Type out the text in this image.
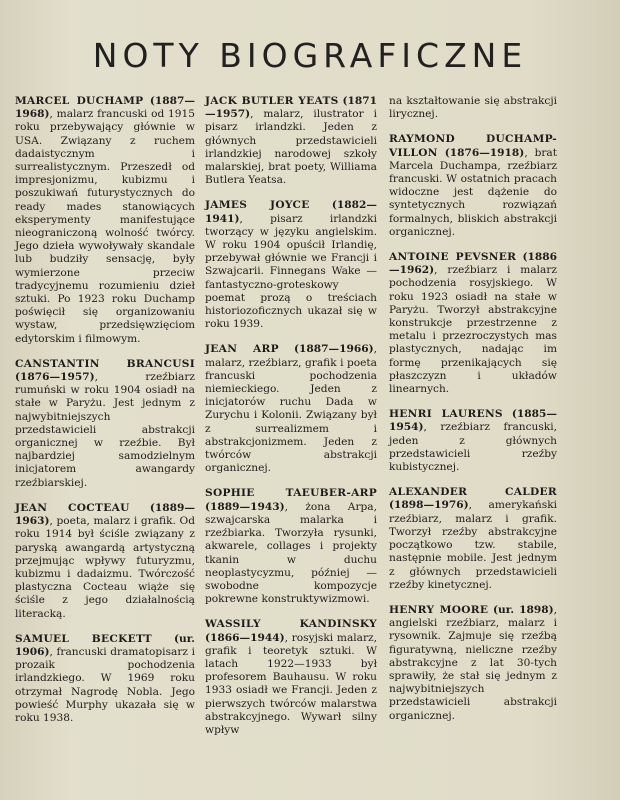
NOTY BIOGRAFICZNE

MARCEL DUCHAMP (1887—1968), malarz francuski od 1915 roku przebywający głównie w USA. Związany z ruchem dadaistycznym i surrealistycznym. Przeszedł od impresjonizmu, kubizmu i poszukiwań futurystycznych do ready mades stanowiących eksperymenty manifestujące nieograniczoną wolność twórcy. Jego dzieła wywoływały skandale lub budziły sensację, były wymierzone przeciw tradycyjnemu rozumieniu dzieł sztuki. Po 1923 roku Duchamp poświęcił się organizowaniu wystaw, przedsięwzięciom edytorskim i filmowym.

CANSTANTIN BRANCUSI (1876—1957), rzeźbiarz rumuński w roku 1904 osiadł na stałe w Paryżu. Jest jednym z najwybitniejszych przedstawicieli abstrakcji organicznej w rzeźbie. Był najbardziej samodzielnym inicjatorem awangardy rzeźbiarskiej.

JEAN COCTEAU (1889—1963), poeta, malarz i grafik. Od roku 1914 był ściśle związany z paryską awangardą artystyczną przejmując wpływy futuryzmu, kubizmu i dadaizmu. Twórczość plastyczna Cocteau wiąże się ściśle z jego działalnością literacką.

SAMUEL BECKETT (ur. 1906), francuski dramatopisarz i prozaik pochodzenia irlandzkiego. W 1969 roku otrzymał Nagrodę Nobla. Jego powieść Murphy ukazała się w roku 1938.

JACK BUTLER YEATS (1871—1957), malarz, ilustrator i pisarz irlandzki. Jeden z głównych przedstawicieli irlandzkiej narodowej szkoły malarskiej, brat poety, Williama Butlera Yeatsa.

JAMES JOYCE (1882—1941), pisarz irlandzki tworzący w języku angielskim. W roku 1904 opuścił Irlandię, przebywał głównie we Francji i Szwajcarii. Finnegans Wake — fantastyczno-groteskowy poemat prozą o treściach historiozoficznych ukazał się w roku 1939.

JEAN ARP (1887—1966), malarz, rzeźbiarz, grafik i poeta francuski pochodzenia niemieckiego. Jeden z inicjatorów ruchu Dada w Zurychu i Kolonii. Związany był z surrealizmem i abstrakcjonizmem. Jeden z twórców abstrakcji organicznej.

SOPHIE TAEUBER-ARP (1889—1943), żona Arpa, szwajcarska malarka i rzeźbiarka. Tworzyła rysunki, akwarele, collages i projekty tkanin w duchu neoplastycyzmu, później — swobodne kompozycje pokrewne konstruktywizmowi.

WASSILY KANDINSKY (1866—1944), rosyjski malarz, grafik i teoretyk sztuki. W latach 1922—1933 był profesorem Bauhausu. W roku 1933 osiadł we Francji. Jeden z pierwszych twórców malarstwa abstrakcyjnego. Wywarł silny wpływ

na kształtowanie się abstrakcji lirycznej.

RAYMOND DUCHAMP-VILLON (1876—1918), brat Marcela Duchampa, rzeźbiarz francuski. W ostatnich pracach widoczne jest dążenie do syntetycznych rozwiązań formalnych, bliskich abstrakcji organicznej.

ANTOINE PEVSNER (1886—1962), rzeźbiarz i malarz pochodzenia rosyjskiego. W roku 1923 osiadł na stałe w Paryżu. Tworzył abstrakcyjne konstrukcje przestrzenne z metalu i przezroczystych mas plastycznych, nadając im formę przenikających się płaszczyzn i układów linearnych.

HENRI LAURENS (1885—1954), rzeźbiarz francuski, jeden z głównych przedstawicieli rzeźby kubistycznej.

ALEXANDER CALDER (1898—1976), amerykański rzeźbiarz, malarz i grafik. Tworzył rzeźby abstrakcyjne początkowo tzw. stabile, następnie mobile. Jest jednym z głównych przedstawicieli rzeźby kinetycznej.

HENRY MOORE (ur. 1898), angielski rzeźbiarz, malarz i rysownik. Zajmuje się rzeźbą figuratywną, nieliczne rzeźby abstrakcyjne z lat 30-tych sprawiły, że stał się jednym z najwybitniejszych przedstawicieli abstrakcji organicznej.
